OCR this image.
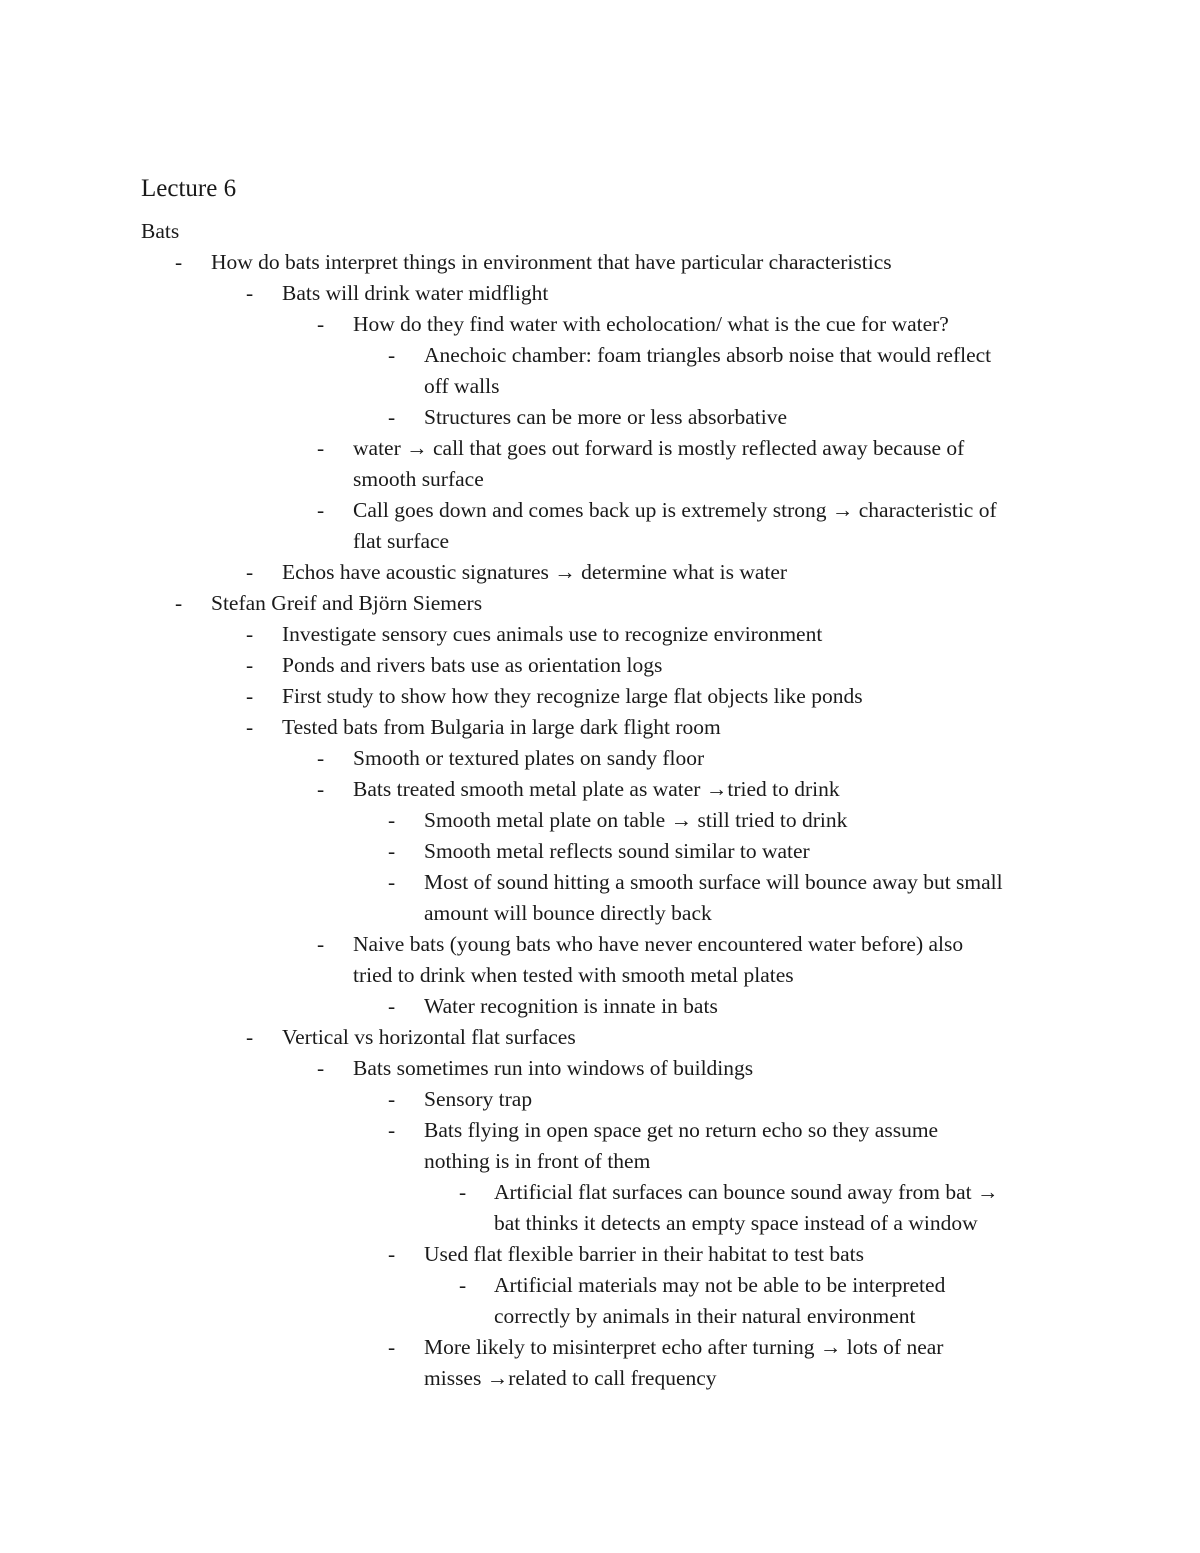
Lecture 6
Bats
- How do bats interpret things in environment that have particular characteristics
- Bats will drink water midflight
- How do they find water with echolocation/ what is the cue for water?
- Anechoic chamber: foam triangles absorb noise that would reflect
off walls
- Structures can be more or less absorbative
- water → call that goes out forward is mostly reflected away because of
smooth surface
- Call goes down and comes back up is extremely strong → characteristic of
flat surface
- Echos have acoustic signatures → determine what is water
- Stefan Greif and Björn Siemers
- Investigate sensory cues animals use to recognize environment
- Ponds and rivers bats use as orientation logs
- First study to show how they recognize large flat objects like ponds
- Tested bats from Bulgaria in large dark flight room
- Smooth or textured plates on sandy floor
- Bats treated smooth metal plate as water →tried to drink
- Smooth metal plate on table → still tried to drink
- Smooth metal reflects sound similar to water
- Most of sound hitting a smooth surface will bounce away but small
amount will bounce directly back
- Naive bats (young bats who have never encountered water before) also
tried to drink when tested with smooth metal plates
- Water recognition is innate in bats
- Vertical vs horizontal flat surfaces
- Bats sometimes run into windows of buildings
- Sensory trap
- Bats flying in open space get no return echo so they assume
nothing is in front of them
- Artificial flat surfaces can bounce sound away from bat →
bat thinks it detects an empty space instead of a window
- Used flat flexible barrier in their habitat to test bats
- Artificial materials may not be able to be interpreted
correctly by animals in their natural environment
- More likely to misinterpret echo after turning → lots of near
misses →related to call frequency
